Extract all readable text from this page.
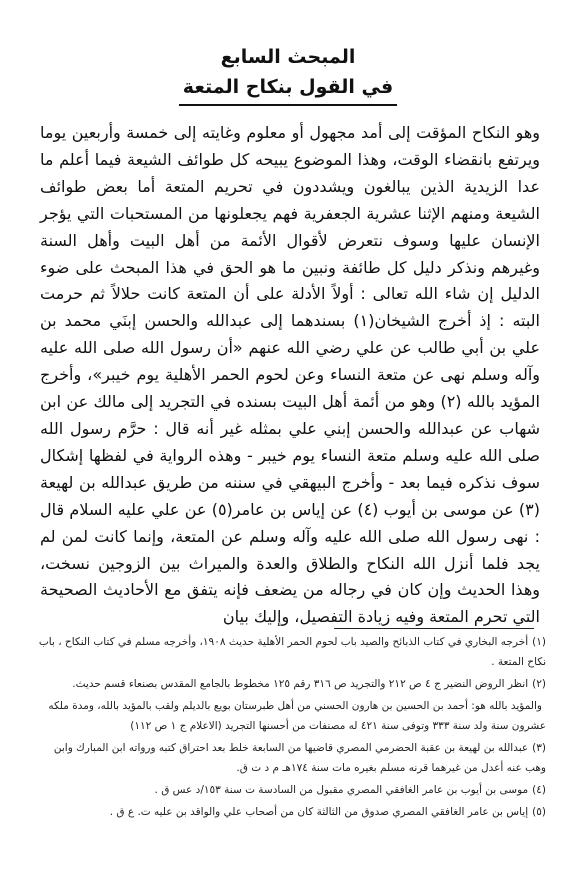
المبحث السابع
في القول بنكاح المتعة

وهو النكاح المؤقت إلى أمد مجهول أو معلوم وغايته إلى خمسة وأربعين يوما ويرتفع بانقضاء الوقت، وهذا الموضوع يبيحه كل طوائف الشيعة فيما أعلم ما عدا الزيدية الذين يبالغون ويشددون في تحريم المتعة أما بعض طوائف الشيعة ومنهم الإثنا عشرية الجعفرية فهم يجعلونها من المستحبات التي يؤجر الإنسان عليها وسوف نتعرض لأقوال الأئمة من أهل البيت وأهل السنة وغيرهم ونذكر دليل كل طائفة ونبين ما هو الحق في هذا المبحث على ضوء الدليل إن شاء الله تعالى : أولاً الأدلة على أن المتعة كانت حلالاً ثم حرمت البته : إذ أخرج الشيخان(١) بسندهما إلى عبدالله والحسن إبنَي محمد بن علي بن أبي طالب عن علي رضي الله عنهم «أن رسول الله صلى الله عليه وآله وسلم نهى عن متعة النساء وعن لحوم الحمر الأهلية يوم خيبر»، وأخرج المؤيد بالله (٢) وهو من أئمة أهل البيت بسنده في التجريد إلى مالك عن ابن شهاب عن عبدالله والحسن إبني علي بمثله غير أنه قال : حرَّم رسول الله صلى الله عليه وسلم متعة النساء يوم خيبر - وهذه الرواية في لفظها إشكال سوف نذكره فيما بعد - وأخرج البيهقي في سننه من طريق عبدالله بن لهيعة (٣) عن موسى بن أيوب (٤) عن إياس بن عامر(٥) عن علي عليه السلام قال : نهى رسول الله صلى الله عليه وآله وسلم عن المتعة، وإنما كانت لمن لم يجد فلما أنزل الله النكاح والطلاق والعدة والميراث بين الزوجين نسخت، وهذا الحديث وإن كان في رجاله من يضعف فإنه يتفق مع الأحاديث الصحيحة التي تحرم المتعة وفيه زيادة التفصيل، وإليك بيان

(١)أخرجه البخاري في كتاب الذبائح والصيد باب لحوم الحمر الأهلية حديث ١٩٠٨، وأخرجه مسلم في كتاب النكاح ، باب نكاح المتعة .

(٢)انظر الروض النضير ج ٤ ص ٢١٢ والتجريد ص ٣١٦ رقم ١٢٥ مخطوط بالجامع المقدس بصنعاء قسم حديث.

والمؤيد بالله هو: أحمد بن الحسين بن هارون الحسني من أهل طبرستان بويع بالديلم ولقب بالمؤيد بالله، ومدة ملكه عشرون سنة ولد سنة ٣٣٣ وتوفى سنة ٤٢١ له مصنفات من أحسنها التجريد (الاعلام ج ١ ص ١١٢)

(٣)عبدالله بن لهيعة بن عقبة الحضرمي المصري قاضيها من السابعة خلط بعد احتراق كتبه ورواته ابن المبارك وابن وهب عنه أعدل من غيرهما قرنه مسلم بغيره مات سنة ١٧٤هـ م د ت ق.

(٤)موسى بن أيوب بن عامر الغافقي المصري مقبول من السادسة ت سنة ١٥٣/د عس ق .

(٥)إياس بن عامر الغافقي المصري صدوق من الثالثة كان من أصحاب علي والواقد بن عليه ت. ع ق .
